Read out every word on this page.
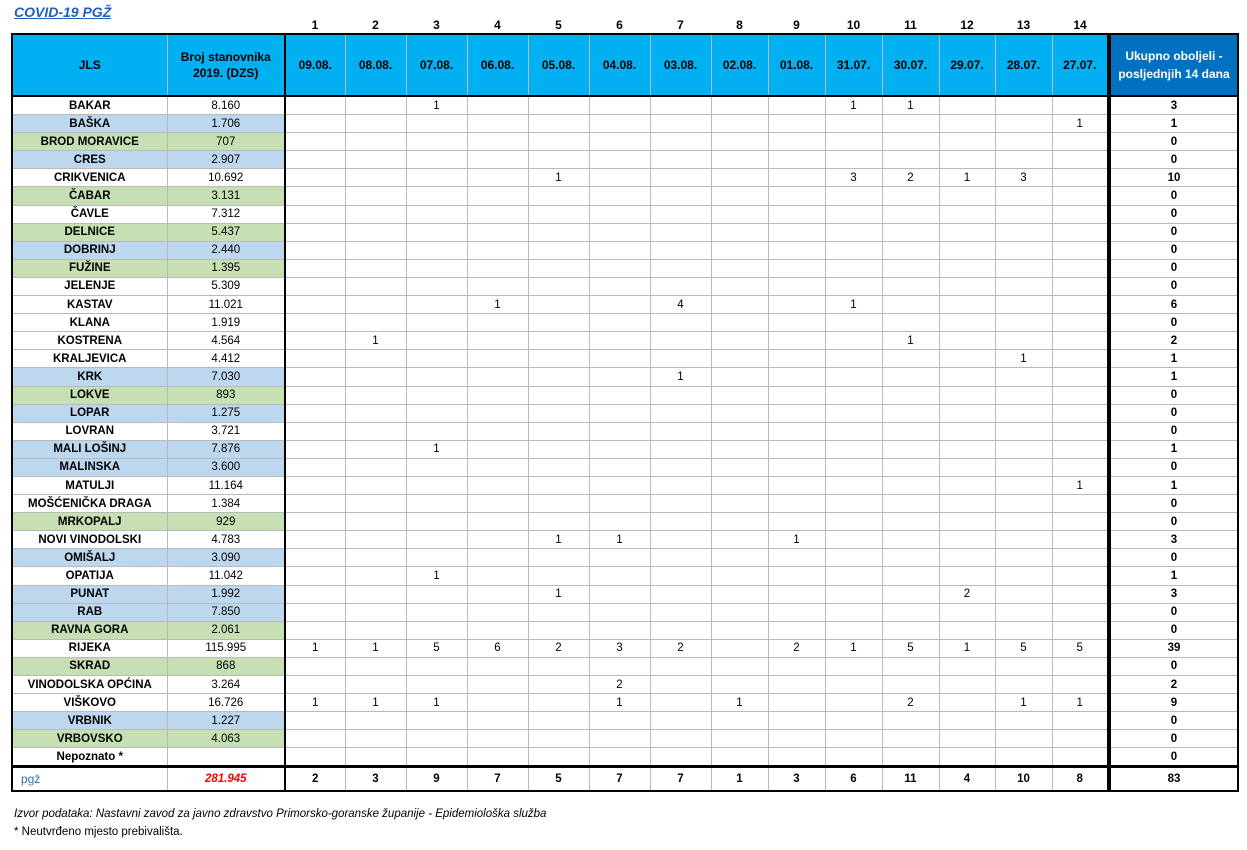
COVID-19 PGŽ
		1	2	3	4	5	6	7	8	9	10	11	12	13	14		
JLS	Broj stanovnika 2019. (DZS)	09.08.	08.08.	07.08.	06.08.	05.08.	04.08.	03.08.	02.08.	01.08.	31.07.	30.07.	29.07.	28.07.	27.07.		Ukupno oboljeli - posljednjih 14 dana
BAKAR	8.160			1							1	1					3
BAŠKA	1.706														1		1
BROD MORAVICE	707																0
CRES	2.907																0
CRIKVENICA	10.692					1					3	2	1	3			10
ČABAR	3.131																0
ČAVLE	7.312																0
DELNICE	5.437																0
DOBRINJ	2.440																0
FUŽINE	1.395																0
JELENJE	5.309																0
KASTAV	11.021				1			4			1						6
KLANA	1.919																0
KOSTRENA	4.564		1									1					2
KRALJEVICA	4.412													1			1
KRK	7.030							1									1
LOKVE	893																0
LOPAR	1.275																0
LOVRAN	3.721																0
MALI LOŠINJ	7.876			1													1
MALINSKA	3.600																0
MATULJI	11.164														1		1
MOŠĆENIČKA DRAGA	1.384																0
MRKOPALJ	929																0
NOVI VINODOLSKI	4.783					1	1			1							3
OMIŠALJ	3.090																0
OPATIJA	11.042			1													1
PUNAT	1.992					1							2				3
RAB	7.850																0
RAVNA GORA	2.061																0
RIJEKA	115.995	1	1	5	6	2	3	2		2	1	5	1	5	5		39
SKRAD	868																0
VINODOLSKA OPĆINA	3.264						2										2
VIŠKOVO	16.726	1	1	1			1		1			2		1	1		9
VRBNIK	1.227																0
VRBOVSKO	4.063																0
Nepoznato *																	0
pgž	281.945	2	3	9	7	5	7	7	1	3	6	11	4	10	8		83
Izvor podataka: Nastavni zavod za javno zdravstvo Primorsko-goranske županije - Epidemiološka služba
* Neutvrđeno mjesto prebivališta.
